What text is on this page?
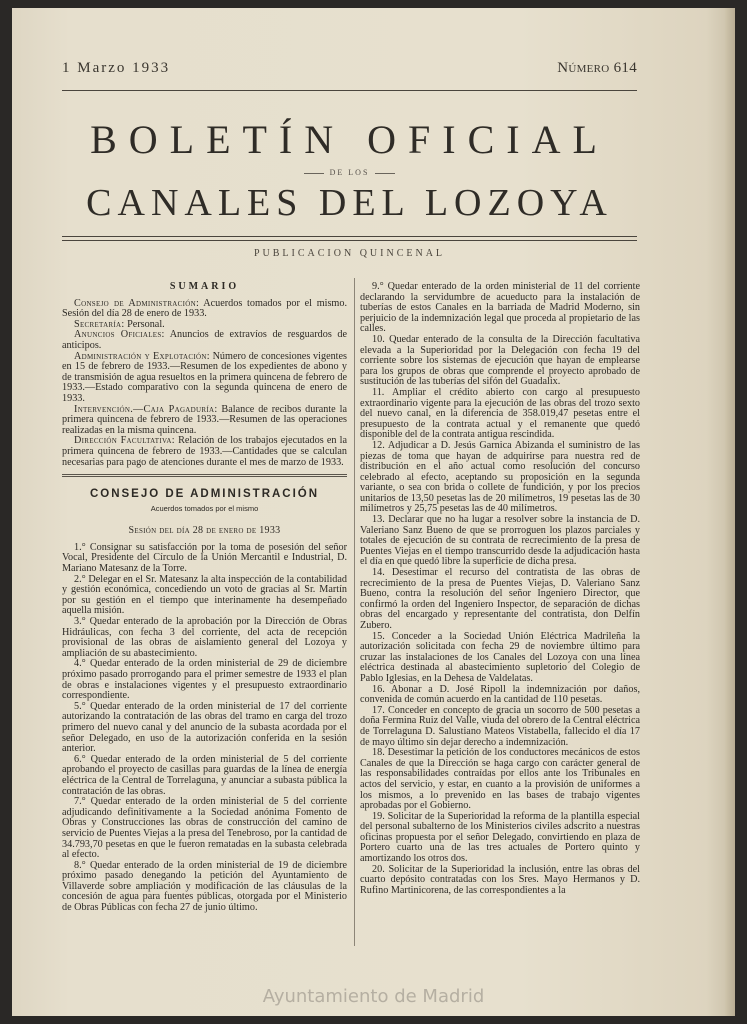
1 Marzo 1933	Número 614
BOLETÍN OFICIAL
DE LOS
CANALES DEL LOZOYA
PUBLICACION QUINCENAL
SUMARIO

Consejo de Administración: Acuerdos tomados por el mismo. Sesión del día 28 de enero de 1933.

Secretaría: Personal.

Anuncios Oficiales: Anuncios de extravíos de resguardos de anticipos.

Administración y Explotación: Número de concesiones vigentes en 15 de febrero de 1933.—Resumen de los expedientes de abono y de transmisión de agua resueltos en la primera quincena de febrero de 1933.—Estado comparativo con la segunda quincena de enero de 1933.

Intervención.—Caja Pagaduría: Balance de recibos durante la primera quincena de febrero de 1933.—Resumen de las operaciones realizadas en la misma quincena.

Dirección Facultativa: Relación de los trabajos ejecutados en la primera quincena de febrero de 1933.—Cantidades que se calculan necesarias para pago de atenciones durante el mes de marzo de 1933.

CONSEJO DE ADMINISTRACIÓN
Acuerdos tomados por el mismo
Sesión del día 28 de enero de 1933

1.° Consignar su satisfacción por la toma de posesión del señor Vocal, Presidente del Círculo de la Unión Mercantil e Industrial, D. Mariano Matesanz de la Torre.

2.° Delegar en el Sr. Matesanz la alta inspección de la contabilidad y gestión económica, concediendo un voto de gracias al Sr. Martín por su gestión en el tiempo que interinamente ha desempeñado aquella misión.

3.° Quedar enterado de la aprobación por la Dirección de Obras Hidráulicas, con fecha 3 del corriente, del acta de recepción provisional de las obras de aislamiento general del Lozoya y ampliación de su abastecimiento.

4.° Quedar enterado de la orden ministerial de 29 de diciembre próximo pasado prorrogando para el primer semestre de 1933 el plan de obras e instalaciones vigentes y el presupuesto extraordinario correspondiente.

5.° Quedar enterado de la orden ministerial de 17 del corriente autorizando la contratación de las obras del tramo en carga del trozo primero del nuevo canal y del anuncio de la subasta acordada por el señor Delegado, en uso de la autorización conferida en la sesión anterior.

6.° Quedar enterado de la orden ministerial de 5 del corriente aprobando el proyecto de casillas para guardas de la línea de energía eléctrica de la Central de Torrelaguna, y anunciar a subasta pública la contratación de las obras.

7.° Quedar enterado de la orden ministerial de 5 del corriente adjudicando definitivamente a la Sociedad anónima Fomento de Obras y Construcciones las obras de construcción del camino de servicio de Puentes Viejas a la presa del Tenebroso, por la cantidad de 34.793,70 pesetas en que le fueron rematadas en la subasta celebrada al efecto.

8.° Quedar enterado de la orden ministerial de 19 de diciembre próximo pasado denegando la petición del Ayuntamiento de Villaverde sobre ampliación y modificación de las cláusulas de la concesión de agua para fuentes públicas, otorgada por el Ministerio de Obras Públicas con fecha 27 de junio último.

9.° Quedar enterado de la orden ministerial de 11 del corriente declarando la servidumbre de acueducto para la instalación de tuberías de estos Canales en la barriada de Madrid Moderno, sin perjuicio de la indemnización legal que proceda al propietario de las calles.

10. Quedar enterado de la consulta de la Dirección facultativa elevada a la Superioridad por la Delegación con fecha 19 del corriente sobre los sistemas de ejecución que hayan de emplearse para los grupos de obras que comprende el proyecto aprobado de sustitución de las tuberías del sifón del Guadalix.

11. Ampliar el crédito abierto con cargo al presupuesto extraordinario vigente para la ejecución de las obras del trozo sexto del nuevo canal, en la diferencia de 358.019,47 pesetas entre el presupuesto de la contrata actual y el remanente que quedó disponible del de la contrata antigua rescindida.

12. Adjudicar a D. Jesús Garnica Abizanda el suministro de las piezas de toma que hayan de adquirirse para nuestra red de distribución en el año actual como resolución del concurso celebrado al efecto, aceptando su proposición en la segunda variante, o sea con brida o collete de fundición, y por los precios unitarios de 13,50 pesetas las de 20 milímetros, 19 pesetas las de 30 milímetros y 25,75 pesetas las de 40 milímetros.

13. Declarar que no ha lugar a resolver sobre la instancia de D. Valeriano Sanz Bueno de que se prorroguen los plazos parciales y totales de ejecución de su contrata de recrecimiento de la presa de Puentes Viejas en el tiempo transcurrido desde la adjudicación hasta el día en que quedó libre la superficie de dicha presa.

14. Desestimar el recurso del contratista de las obras de recrecimiento de la presa de Puentes Viejas, D. Valeriano Sanz Bueno, contra la resolución del señor Ingeniero Director, que confirmó la orden del Ingeniero Inspector, de separación de dichas obras del encargado y representante del contratista, don Delfín Zubero.

15. Conceder a la Sociedad Unión Eléctrica Madrileña la autorización solicitada con fecha 29 de noviembre último para cruzar las instalaciones de los Canales del Lozoya con una línea eléctrica destinada al abastecimiento supletorio del Colegio de Pablo Iglesias, en la Dehesa de Valdelatas.

16. Abonar a D. José Ripoll la indemnización por daños, convenida de común acuerdo en la cantidad de 110 pesetas.

17. Conceder en concepto de gracia un socorro de 500 pesetas a doña Fermina Ruiz del Valle, viuda del obrero de la Central eléctrica de Torrelaguna D. Salustiano Mateos Vistabella, fallecido el día 17 de mayo último sin dejar derecho a indemnización.

18. Desestimar la petición de los conductores mecánicos de estos Canales de que la Dirección se haga cargo con carácter general de las responsabilidades contraídas por ellos ante los Tribunales en actos del servicio, y estar, en cuanto a la provisión de uniformes a los mismos, a lo prevenido en las bases de trabajo vigentes aprobadas por el Gobierno.

19. Solicitar de la Superioridad la reforma de la plantilla especial del personal subalterno de los Ministerios civiles adscrito a nuestras oficinas propuesta por el señor Delegado, convirtiendo en plaza de Portero cuarto una de las tres actuales de Portero quinto y amortizando los otros dos.

20. Solicitar de la Superioridad la inclusión, entre las obras del cuarto depósito contratadas con los Sres. Mayo Hermanos y D. Rufino Martinicorena, de las correspondientes a la

Ayuntamiento de Madrid
